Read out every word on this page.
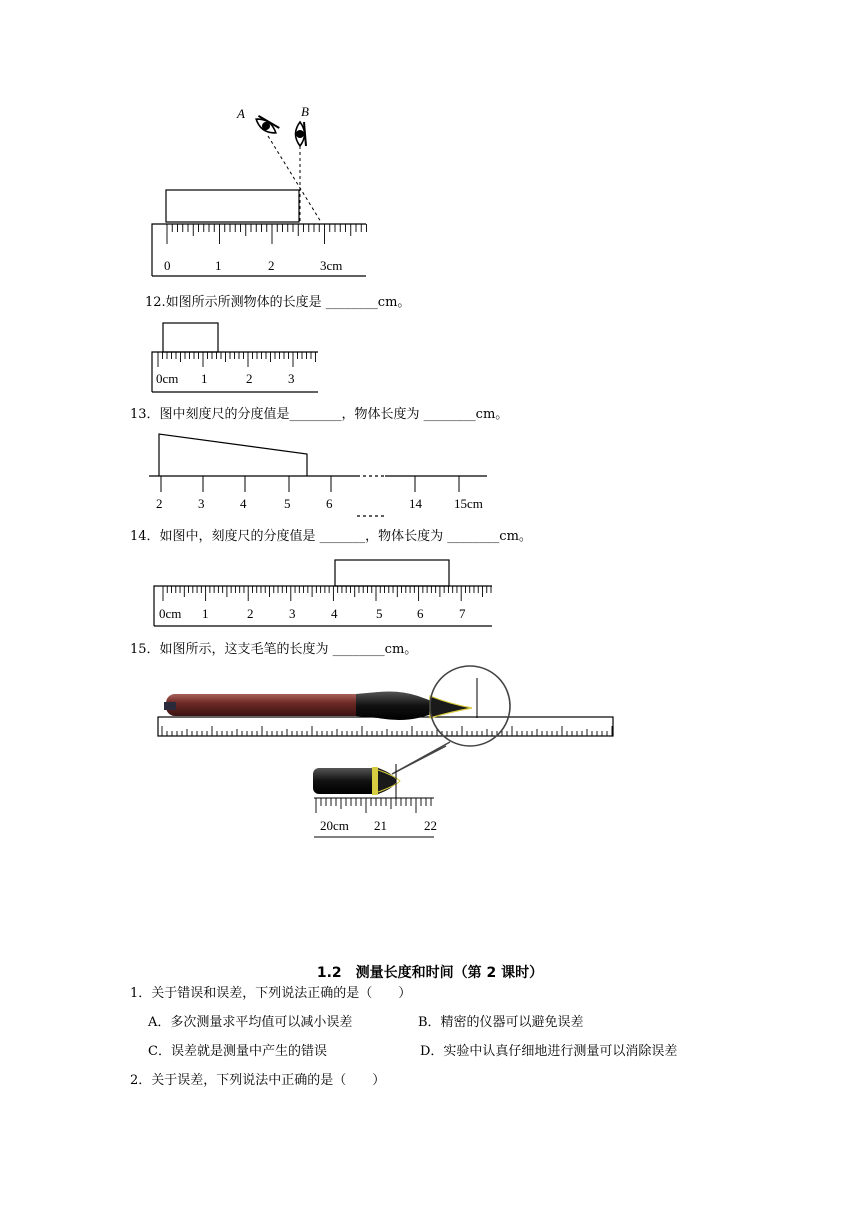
A	B
0	1	2	3cm
12.如图所示所测物体的长度是 ________cm。
0cm 1	2	3
13．图中刻度尺的分度值是________，物体长度为 ________cm。
2	3	4	5	6	14 15cm
14．如图中，刻度尺的分度值是 _______，物体长度为 ________cm。
0cm 1	2	3	4	5	6	7
15．如图所示，这支毛笔的长度为 ________cm。
20cm 21	22
1.2　测量长度和时间（第 2 课时）
1．关于错误和误差，下列说法正确的是（　　）
A．多次测量求平均值可以减小误差	B．精密的仪器可以避免误差
C．误差就是测量中产生的错误	D．实验中认真仔细地进行测量可以消除误差
2．关于误差，下列说法中正确的是（　　）
